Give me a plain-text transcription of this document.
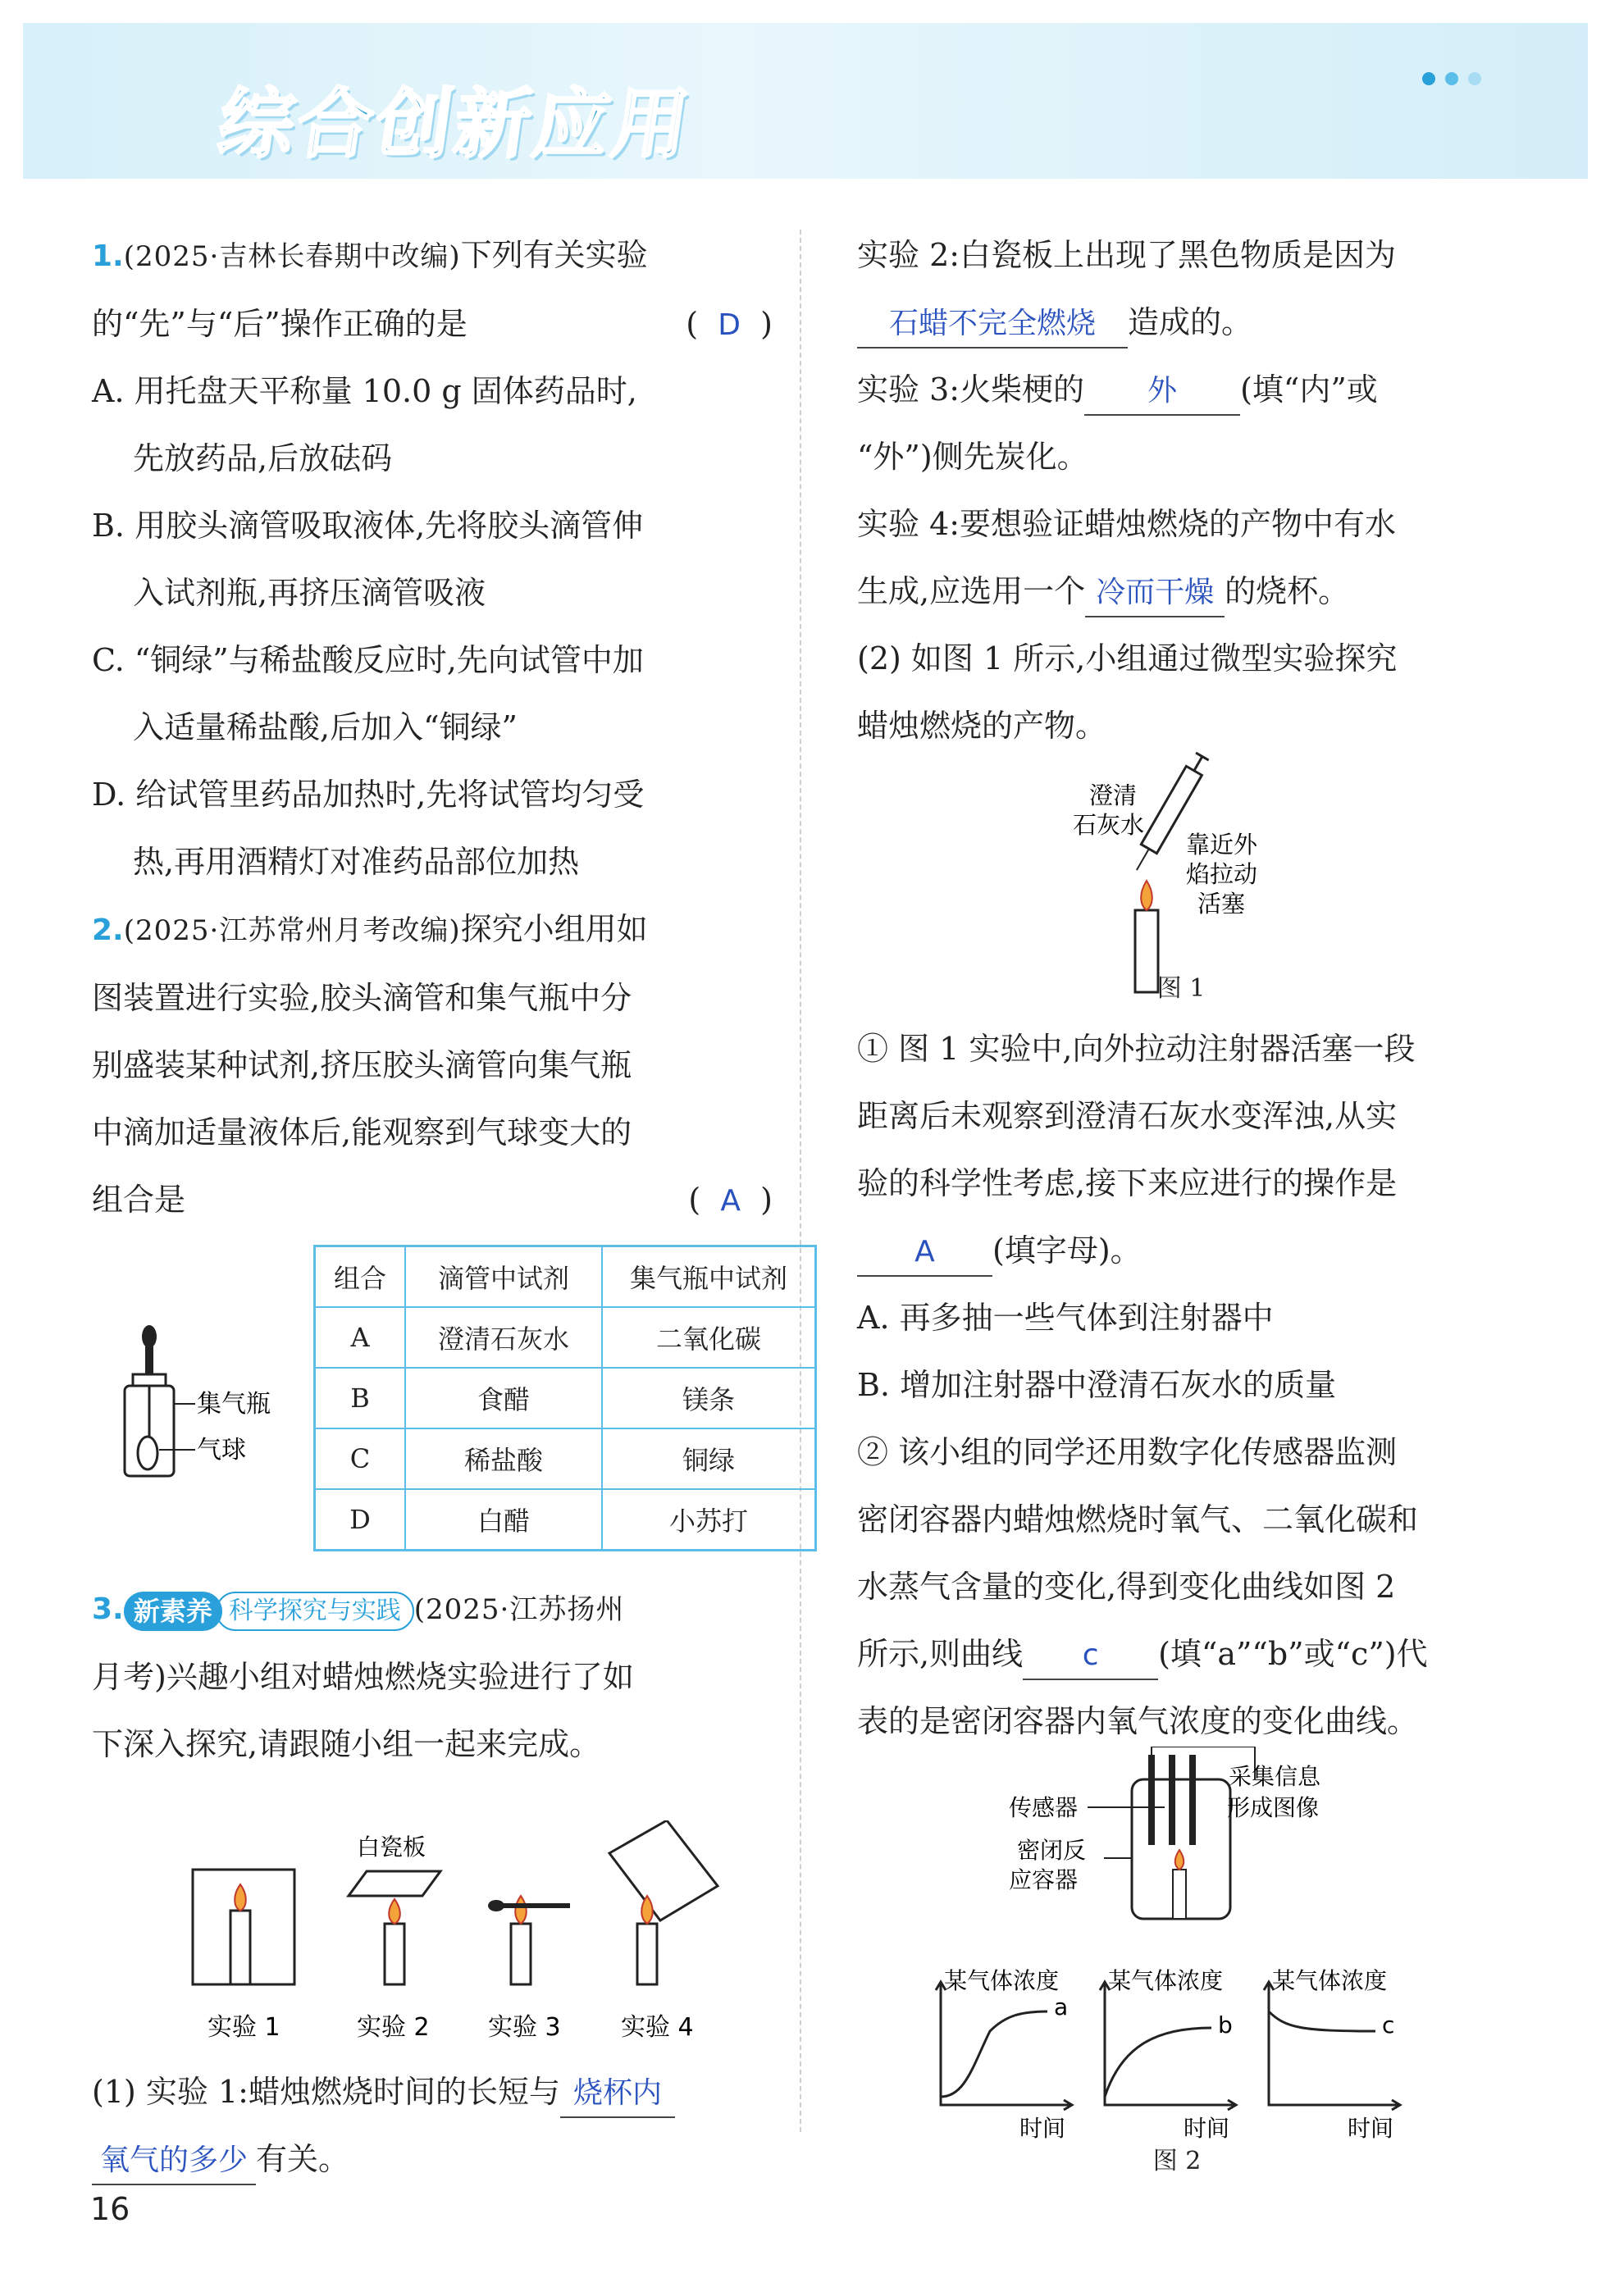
综合创新应用

1.(2025·吉林长春期中改编)下列有关实验

的“先”与“后”操作正确的是	(  D  )

A. 用托盘天平称量 10.0 g 固体药品时,
先放药品,后放砝码

B. 用胶头滴管吸取液体,先将胶头滴管伸
入试剂瓶,再挤压滴管吸液

C. “铜绿”与稀盐酸反应时,先向试管中加
入适量稀盐酸,后加入“铜绿”

D. 给试管里药品加热时,先将试管均匀受
热,再用酒精灯对准药品部位加热

2.(2025·江苏常州月考改编)探究小组用如

图装置进行实验,胶头滴管和集气瓶中分

别盛装某种试剂,挤压胶头滴管向集气瓶

中滴加适量液体后,能观察到气球变大的

组合是	(  A  )

组合	滴管中试剂	集气瓶中试剂
A	澄清石灰水	二氧化碳
B	食醋	镁条
C	稀盐酸	铜绿
D	白醋	小苏打
集气瓶
气球

3. 新素养 科学探究与实践 (2025·江苏扬州

月考)兴趣小组对蜡烛燃烧实验进行了如

下深入探究,请跟随小组一起来完成。

白瓷板
实验 1	实验 2 实验 3 实验 4

(1) 实验 1:蜡烛燃烧时间的长短与 烧杯内

氧气的多少 有关。

实验 2:白瓷板上出现了黑色物质是因为

石蜡不完全燃烧 造成的。

实验 3:火柴梗的 外 (填“内”或

“外”)侧先炭化。

实验 4:要想验证蜡烛燃烧的产物中有水

生成,应选用一个 冷而干燥 的烧杯。

(2) 如图 1 所示,小组通过微型实验探究

蜡烛燃烧的产物。

澄清
石灰水
靠近外
焰拉动
活塞
图 1

① 图 1 实验中,向外拉动注射器活塞一段

距离后未观察到澄清石灰水变浑浊,从实

验的科学性考虑,接下来应进行的操作是

A (填字母)。

A. 再多抽一些气体到注射器中

B. 增加注射器中澄清石灰水的质量

② 该小组的同学还用数字化传感器监测

密闭容器内蜡烛燃烧时氧气、二氧化碳和

水蒸气含量的变化,得到变化曲线如图 2

所示,则曲线 c (填“a”“b”或“c”)代

表的是密闭容器内氧气浓度的变化曲线。

采集信息
形成图像
传感器
密闭反
应容器
a
某气体浓度
时间
b
某气体浓度
时间
c
某气体浓度
时间
图 2
16
